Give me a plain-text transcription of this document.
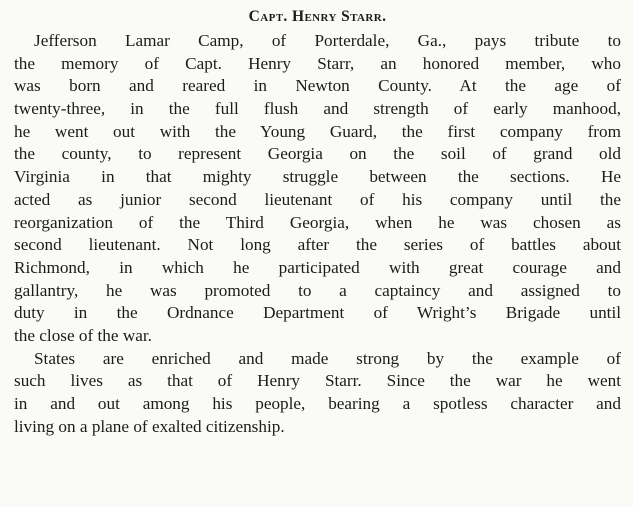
Capt. Henry Starr.
Jefferson Lamar Camp, of Porterdale, Ga., pays tribute to
the memory of Capt. Henry Starr, an honored member, who
was born and reared in Newton County. At the age of
twenty-three, in the full flush and strength of early manhood,
he went out with the Young Guard, the first company from
the county, to represent Georgia on the soil of grand old
Virginia in that mighty struggle between the sections. He
acted as junior second lieutenant of his company until the
reorganization of the Third Georgia, when he was chosen as
second lieutenant. Not long after the series of battles about
Richmond, in which he participated with great courage and
gallantry, he was promoted to a captaincy and assigned to
duty in the Ordnance Department of Wright’s Brigade until
the close of the war.
States are enriched and made strong by the example of
such lives as that of Henry Starr. Since the war he went
in and out among his people, bearing a spotless character and
living on a plane of exalted citizenship.
